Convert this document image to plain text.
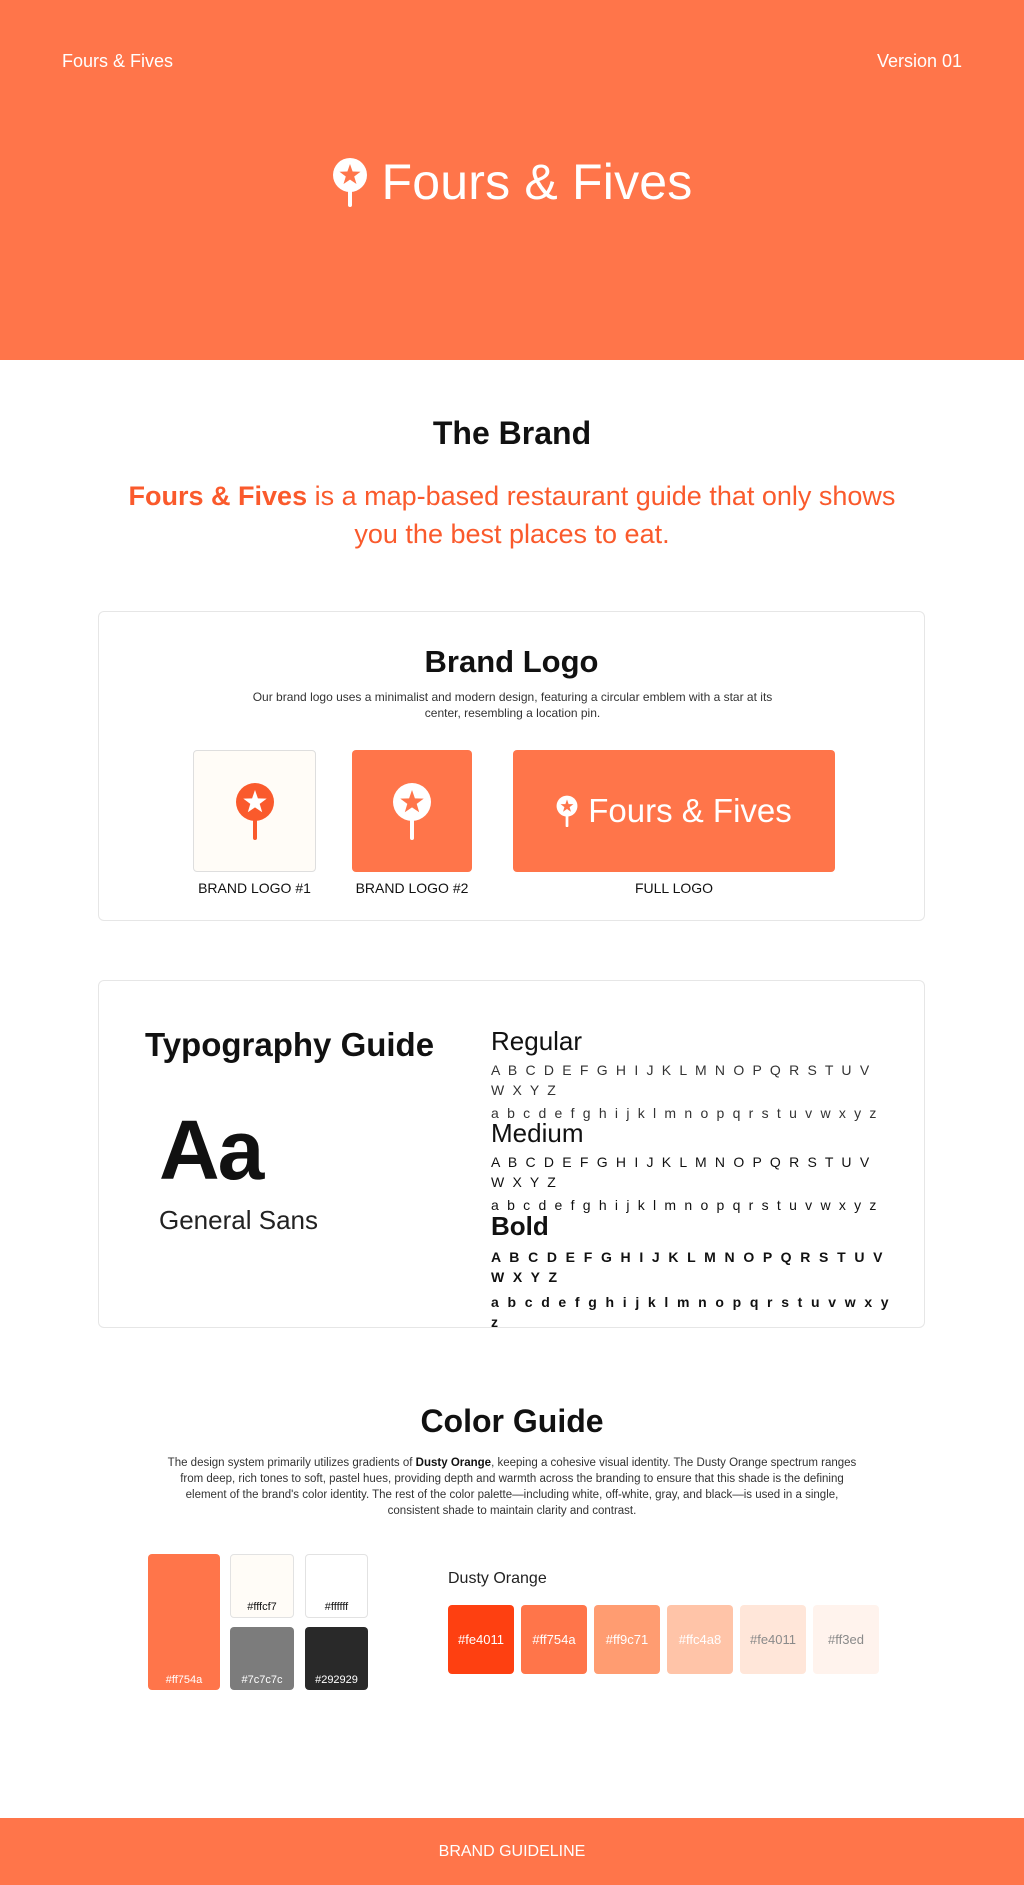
Fours & Fives	Version 01
Fours & Fives
The Brand

Fours & Fives is a map-based restaurant guide that only shows you the best places to eat.

Brand Logo

Our brand logo uses a minimalist and modern design, featuring a circular emblem with a star at its center, resembling a location pin.

Fours & Fives
BRAND LOGO #1	BRAND LOGO #2	FULL LOGO
Typography Guide
Aa
General Sans
Regular
A B C D E F G H I J K L M N O P Q R S T U V W X Y Z
a b c d e f g h i j k l m n o p q r s t u v w x y z
Medium
A B C D E F G H I J K L M N O P Q R S T U V W X Y Z
a b c d e f g h i j k l m n o p q r s t u v w x y z
Bold
A B C D E F G H I J K L M N O P Q R S T U V W X Y Z
a b c d e f g h i j k l m n o p q r s t u v w x y z
Color Guide

The design system primarily utilizes gradients of Dusty Orange, keeping a cohesive visual identity. The Dusty Orange spectrum ranges from deep, rich tones to soft, pastel hues, providing depth and warmth across the branding to ensure that this shade is the defining element of the brand's color identity. The rest of the color palette—including white, off-white, gray, and black—is used in a single, consistent shade to maintain clarity and contrast.

#ff754a
#fffcf7	#ffffff
#7c7c7c	#292929
Dusty Orange
#fe4011 #ff754a #ff9c71 #ffc4a8 #fe4011 #ff3ed
BRAND GUIDELINE
